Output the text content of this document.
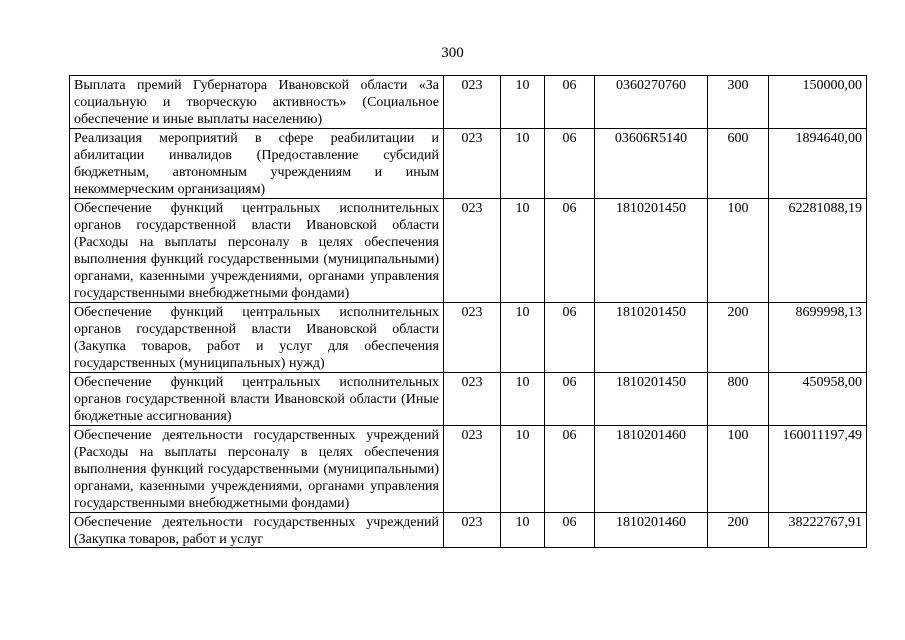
300
Выплата премий Губернатора Ивановской области «За социальную и творческую активность» (Социальное обеспечение и иные выплаты населению)	023	10	06	0360270760	300	150000,00
Реализация мероприятий в сфере реабилитации и абилитации инвалидов (Предоставление субсидий бюджетным, автономным учреждениям и иным некоммерческим организациям)	023	10	06	03606R5140	600	1894640,00
Обеспечение функций центральных исполнительных органов государственной власти Ивановской области (Расходы на выплаты персоналу в целях обеспечения выполнения функций государственными (муниципальными) органами, казенными учреждениями, органами управления государственными внебюджетными фондами)	023	10	06	1810201450	100	62281088,19
Обеспечение функций центральных исполнительных органов государственной власти Ивановской области (Закупка товаров, работ и услуг для обеспечения государственных (муниципальных) нужд)	023	10	06	1810201450	200	8699998,13
Обеспечение функций центральных исполнительных органов государственной власти Ивановской области (Иные бюджетные ассигнования)	023	10	06	1810201450	800	450958,00
Обеспечение деятельности государственных учреждений (Расходы на выплаты персоналу в целях обеспечения выполнения функций государственными (муниципальными) органами, казенными учреждениями, органами управления государственными внебюджетными фондами)	023	10	06	1810201460	100	160011197,49

Обеспечение деятельности государственных учреждений (Закупка товаров, работ и услуг	023	10	06	1810201460	200	38222767,91
